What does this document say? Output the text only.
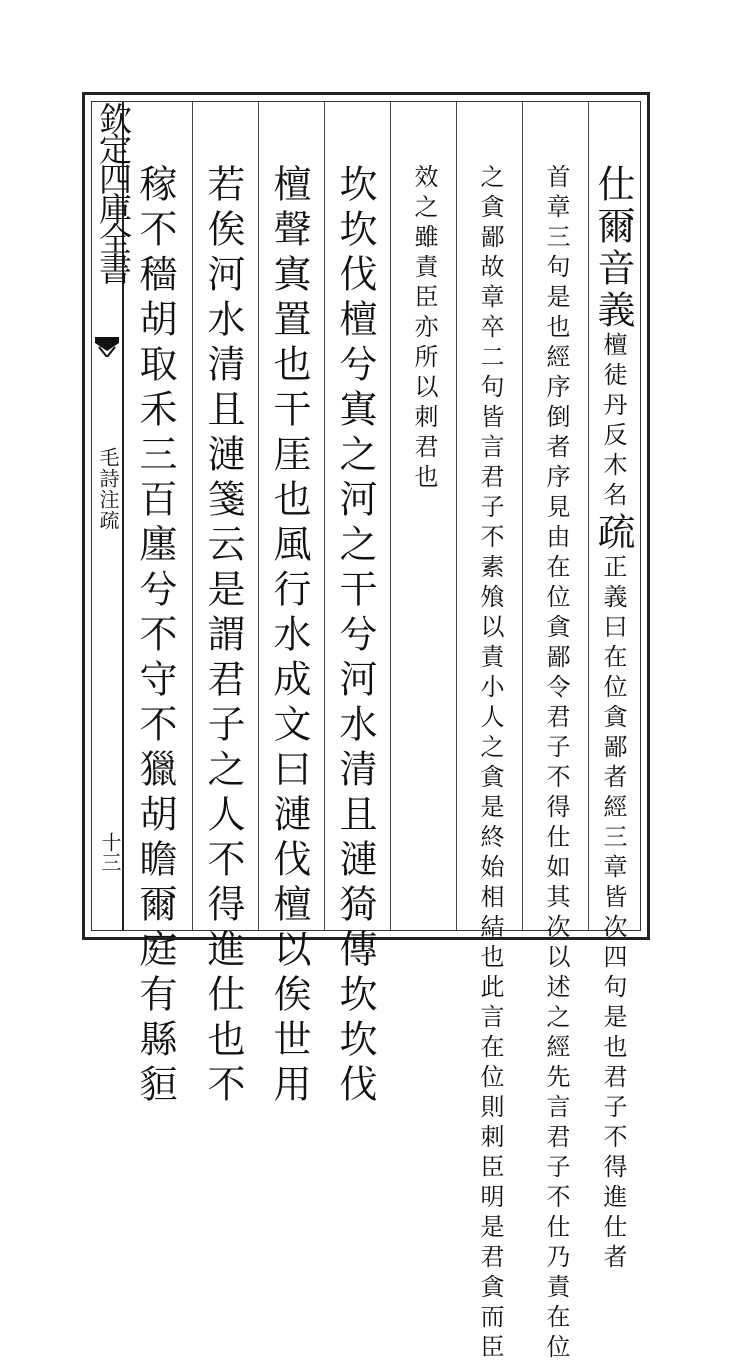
欽定四庫全書
毛詩注疏
十三
仕爾音義檀徒丹反木名疏正義曰在位貪鄙者經三章皆次四句是也君子不得進仕者
首章三句是也經序倒者序見由在位貪鄙令君子不得仕如其次以述之經先言君子不仕乃責在位
之貪鄙故章卒二句皆言君子不素飧以責小人之貪是終始相結也此言在位則刺臣明是君貪而臣
效之雖責臣亦所以刺君也
坎坎伐檀兮寘之河之干兮河水清且漣猗傳坎坎伐
檀聲寘置也干厓也風行水成文曰漣伐檀以俟世用
若俟河水清且漣箋云是謂君子之人不得進仕也不
稼不穡胡取禾三百廛兮不守不獵胡瞻爾庭有縣貆
